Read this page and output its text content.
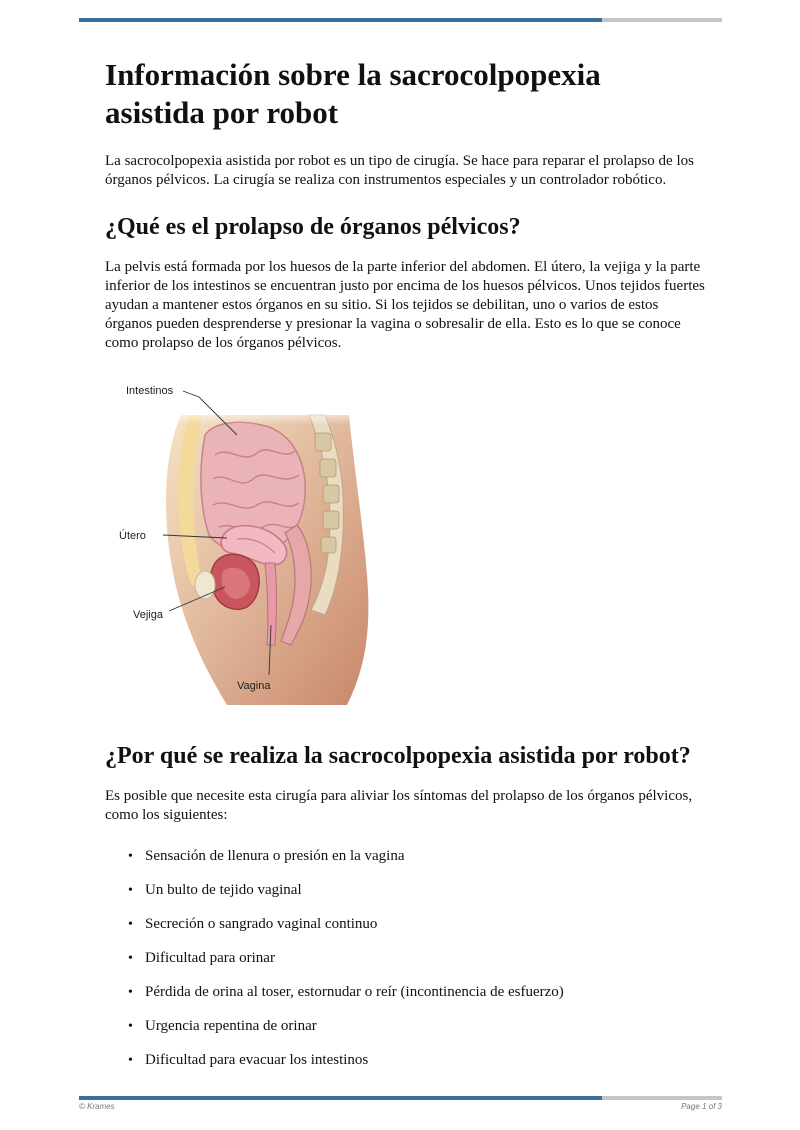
Información sobre la sacrocolpopexia asistida por robot

La sacrocolpopexia asistida por robot es un tipo de cirugía. Se hace para reparar el prolapso de los órganos pélvicos. La cirugía se realiza con instrumentos especiales y un controlador robótico.

¿Qué es el prolapso de órganos pélvicos?

La pelvis está formada por los huesos de la parte inferior del abdomen. El útero, la vejiga y la parte inferior de los intestinos se encuentran justo por encima de los huesos pélvicos. Unos tejidos fuertes ayudan a mantener estos órganos en su sitio. Si los tejidos se debilitan, uno o varios de estos órganos pueden desprenderse y presionar la vagina o sobresalir de ella. Esto es lo que se conoce como prolapso de los órganos pélvicos.

Intestinos
Útero
Vejiga
Vagina
¿Por qué se realiza la sacrocolpopexia asistida por robot?

Es posible que necesite esta cirugía para aliviar los síntomas del prolapso de los órganos pélvicos, como los siguientes:

• Sensación de llenura o presión en la vagina
• Un bulto de tejido vaginal
• Secreción o sangrado vaginal continuo
• Dificultad para orinar
• Pérdida de orina al toser, estornudar o reír (incontinencia de esfuerzo)
• Urgencia repentina de orinar
• Dificultad para evacuar los intestinos
© Krames	Page 1 of 3
